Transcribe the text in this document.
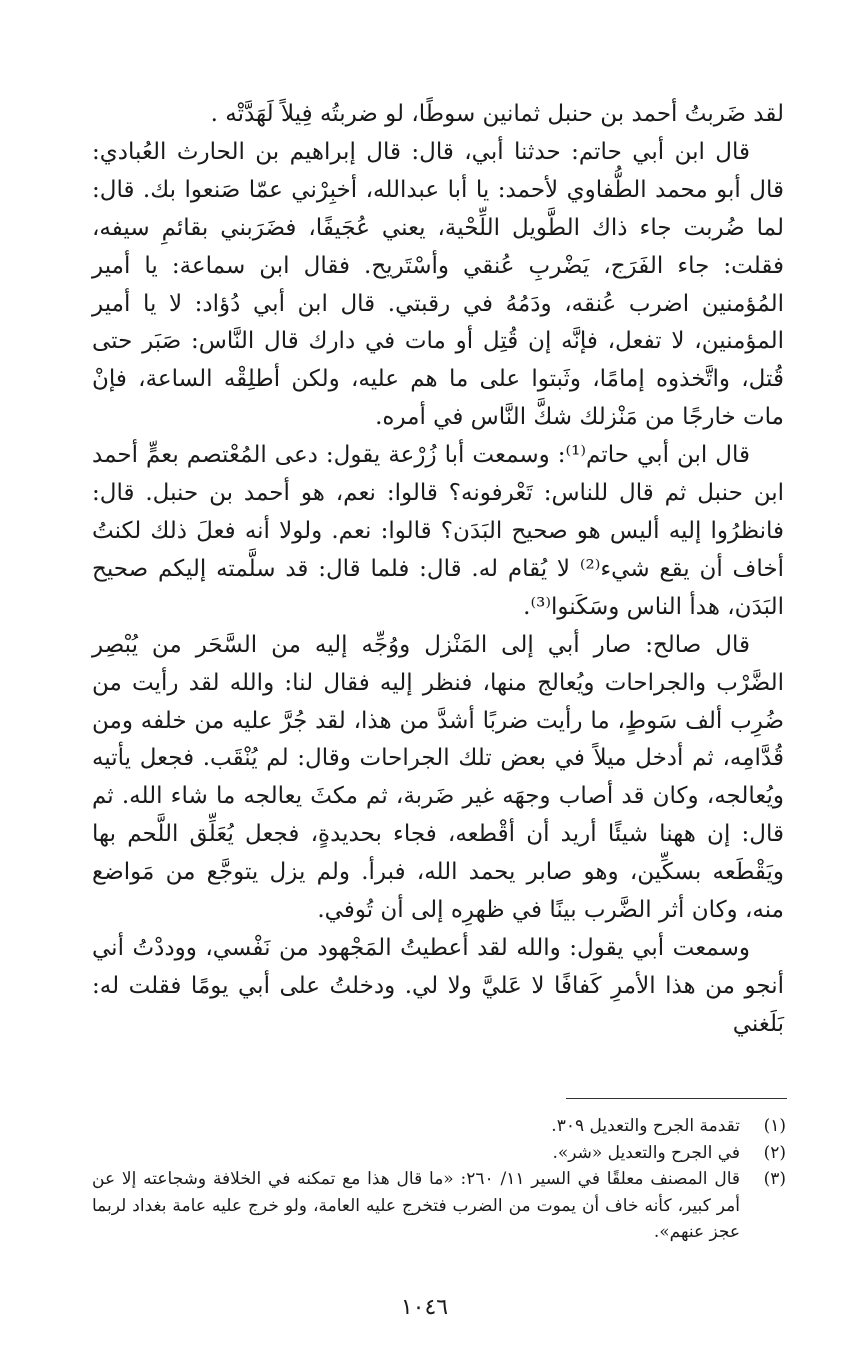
لقد ضَربتُ أحمد بن حنبل ثمانين سوطًا، لو ضربتُه فِيلاً لَهَدَّتْه .

قال ابن أبي حاتم: حدثنا أبي، قال: قال إبراهيم بن الحارث العُبادي: قال أبو محمد الطُّفاوي لأحمد: يا أبا عبدالله، أخبِرْني عمّا صَنعوا بك. قال: لما ضُربت جاء ذاك الطَّويل اللِّحْية، يعني عُجَيفًا، فضَرَبني بقائمِ سيفه، فقلت: جاء الفَرَج، يَضْربِ عُنقي وأسْتَريح. فقال ابن سماعة: يا أمير المُؤمنين اضرب عُنقه، ودَمُهُ في رقبتي. قال ابن أبي دُؤاد: لا يا أمير المؤمنين، لا تفعل، فإنَّه إن قُتِل أو مات في دارك قال النَّاس: صَبَر حتى قُتل، واتَّخذوه إمامًا، وثَبتوا على ما هم عليه، ولكن أطلِقْه الساعة، فإنْ مات خارجًا من مَنْزلك شكَّ النَّاس في أمره.

قال ابن أبي حاتم⁽¹⁾: وسمعت أبا زُرْعة يقول: دعى المُعْتصم بعمٍّ أحمد ابن حنبل ثم قال للناس: تَعْرفونه؟ قالوا: نعم، هو أحمد بن حنبل. قال: فانظرُوا إليه أليس هو صحيح البَدَن؟ قالوا: نعم. ولولا أنه فعلَ ذلك لكنتُ أخاف أن يقع شيء⁽²⁾ لا يُقام له. قال: فلما قال: قد سلَّمته إليكم صحيح البَدَن، هدأ الناس وسَكَنوا⁽³⁾.

قال صالح: صار أبي إلى المَنْزل ووُجِّه إليه من السَّحَر من يُبْصِر الضَّرْب والجراحات ويُعالج منها، فنظر إليه فقال لنا: والله لقد رأيت من ضُرِب ألف سَوطٍ، ما رأيت ضربًا أشدَّ من هذا، لقد جُرَّ عليه من خلفه ومن قُدَّامِه، ثم أدخل ميلاً في بعض تلك الجراحات وقال: لم يُنْقَب. فجعل يأتيه ويُعالجه، وكان قد أصاب وجهَه غير ضَربة، ثم مكثَ يعالجه ما شاء الله. ثم قال: إن ههنا شيئًا أريد أن أقْطعه، فجاء بحديدةٍ، فجعل يُعَلِّق اللَّحم بها ويَقْطَعه بسكِّين، وهو صابر يحمد الله، فبرأ. ولم يزل يتوجَّع من مَواضع منه، وكان أثر الضَّرب بينًا في ظهرِه إلى أن تُوفي.

وسمعت أبي يقول: والله لقد أعطيتُ المَجْهود من نَفْسي، ووددْتُ أني أنجو من هذا الأمرِ كَفافًا لا عَليَّ ولا لي. ودخلتُ على أبي يومًا فقلت له: بَلَغني

(١)
تقدمة الجرح والتعديل ٣٠٩.
(٢)
في الجرح والتعديل «شر».
(٣)
قال المصنف معلقًا في السير ١١/ ٢٦٠: «ما قال هذا مع تمكنه في الخلافة وشجاعته إلا عن أمر كبير، كأنه خاف أن يموت من الضرب فتخرج عليه العامة، ولو خرج عليه عامة بغداد لربما عجز عنهم».
١٠٤٦
